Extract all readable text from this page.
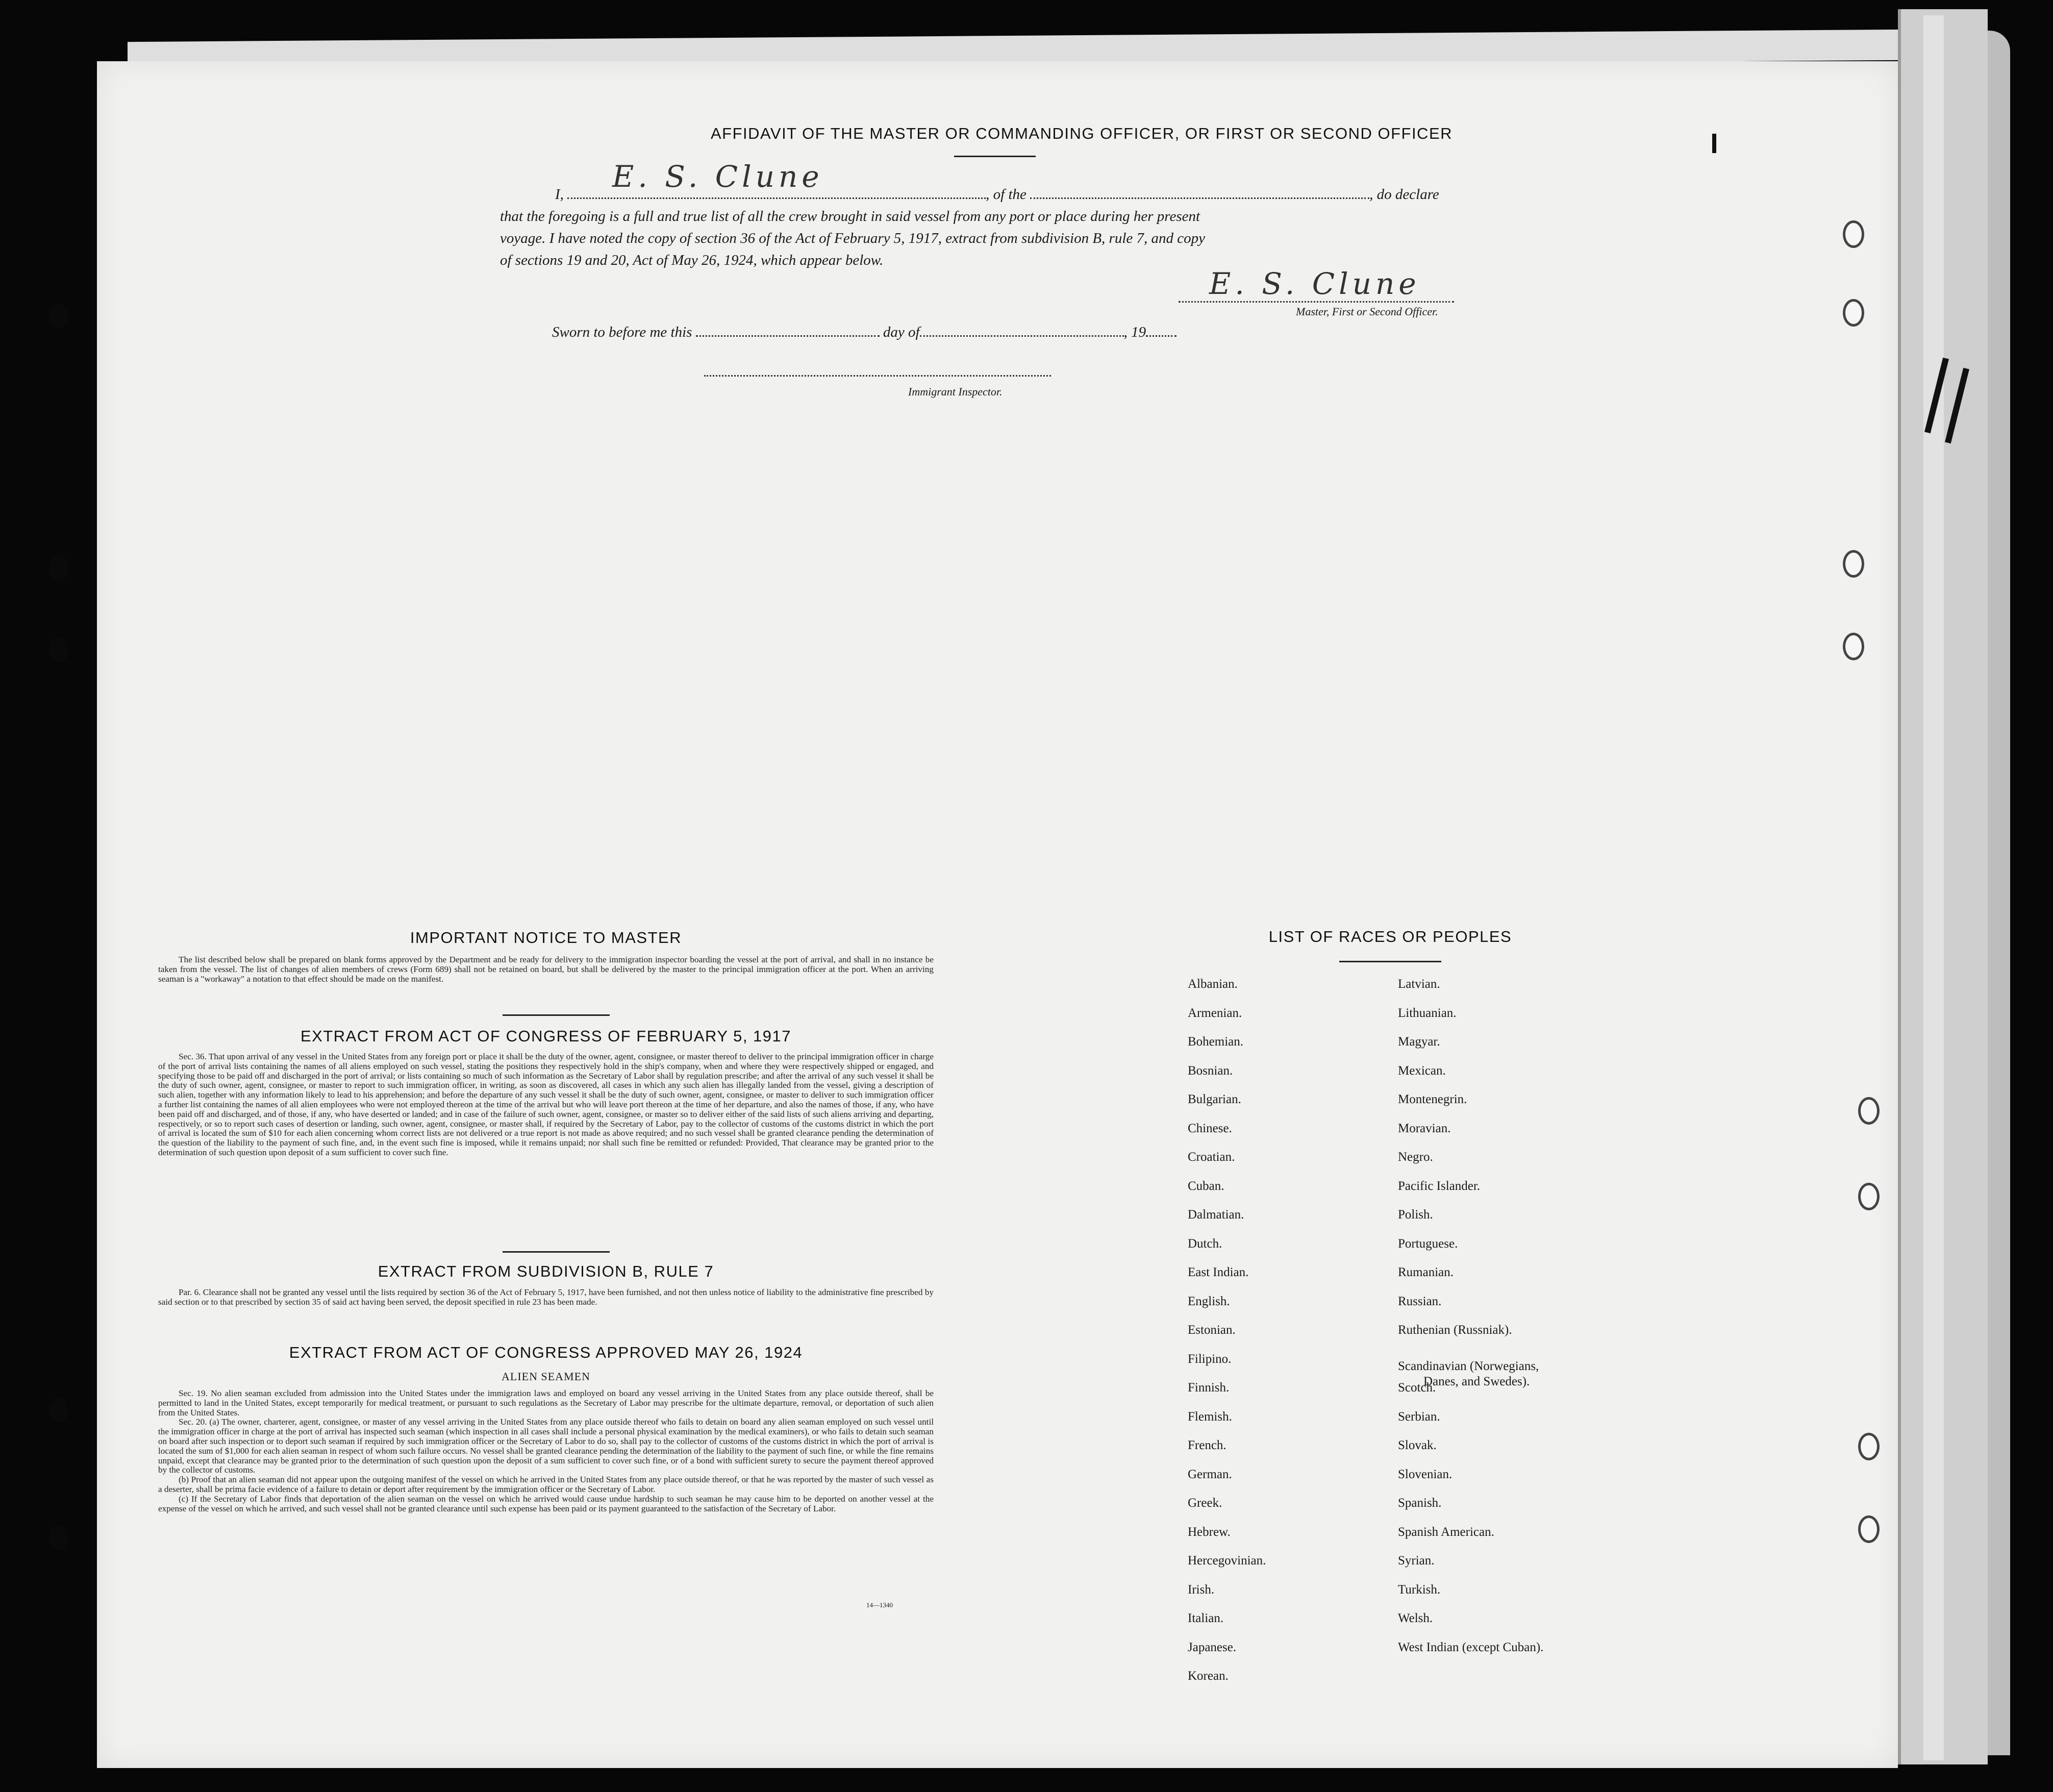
AFFIDAVIT OF THE MASTER OR COMMANDING OFFICER, OR FIRST OR SECOND OFFICER
I,	, of the	, do declare
E. S. Clune
that the foregoing is a full and true list of all the crew brought in said vessel from any port or place during her present
voyage. I have noted the copy of section 36 of the Act of February 5, 1917, extract from subdivision B, rule 7, and copy
of sections 19 and 20, Act of May 26, 1924, which appear below.
E. S. Clune
Master, First or Second Officer.
Sworn to before me this	day of	, 19
Immigrant Inspector.
IMPORTANT NOTICE TO MASTER

The list described below shall be prepared on blank forms approved by the Department and be ready for delivery to the immigration inspector boarding the vessel at the port of arrival, and shall in no instance be taken from the vessel. The list of changes of alien members of crews (Form 689) shall not be retained on board, but shall be delivered by the master to the principal immigration officer at the port. When an arriving seaman is a "workaway" a notation to that effect should be made on the manifest.

EXTRACT FROM ACT OF CONGRESS OF FEBRUARY 5, 1917

Sec. 36. That upon arrival of any vessel in the United States from any foreign port or place it shall be the duty of the owner, agent, consignee, or master thereof to deliver to the principal immigration officer in charge of the port of arrival lists containing the names of all aliens employed on such vessel, stating the positions they respectively hold in the ship's company, when and where they were respectively shipped or engaged, and specifying those to be paid off and discharged in the port of arrival; or lists containing so much of such information as the Secretary of Labor shall by regulation prescribe; and after the arrival of any such vessel it shall be the duty of such owner, agent, consignee, or master to report to such immigration officer, in writing, as soon as discovered, all cases in which any such alien has illegally landed from the vessel, giving a description of such alien, together with any information likely to lead to his apprehension; and before the departure of any such vessel it shall be the duty of such owner, agent, consignee, or master to deliver to such immigration officer a further list containing the names of all alien employees who were not employed thereon at the time of the arrival but who will leave port thereon at the time of her departure, and also the names of those, if any, who have been paid off and discharged, and of those, if any, who have deserted or landed; and in case of the failure of such owner, agent, consignee, or master so to deliver either of the said lists of such aliens arriving and departing, respectively, or so to report such cases of desertion or landing, such owner, agent, consignee, or master shall, if required by the Secretary of Labor, pay to the collector of customs of the customs district in which the port of arrival is located the sum of $10 for each alien concerning whom correct lists are not delivered or a true report is not made as above required; and no such vessel shall be granted clearance pending the determination of the question of the liability to the payment of such fine, and, in the event such fine is imposed, while it remains unpaid; nor shall such fine be remitted or refunded: Provided, That clearance may be granted prior to the determination of such question upon deposit of a sum sufficient to cover such fine.

EXTRACT FROM SUBDIVISION B, RULE 7

Par. 6. Clearance shall not be granted any vessel until the lists required by section 36 of the Act of February 5, 1917, have been furnished, and not then unless notice of liability to the administrative fine prescribed by said section or to that prescribed by section 35 of said act having been served, the deposit specified in rule 23 has been made.

EXTRACT FROM ACT OF CONGRESS APPROVED MAY 26, 1924
ALIEN SEAMEN

Sec. 19. No alien seaman excluded from admission into the United States under the immigration laws and employed on board any vessel arriving in the United States from any place outside thereof, shall be permitted to land in the United States, except temporarily for medical treatment, or pursuant to such regulations as the Secretary of Labor may prescribe for the ultimate departure, removal, or deportation of such alien from the United States.

Sec. 20. (a) The owner, charterer, agent, consignee, or master of any vessel arriving in the United States from any place outside thereof who fails to detain on board any alien seaman employed on such vessel until the immigration officer in charge at the port of arrival has inspected such seaman (which inspection in all cases shall include a personal physical examination by the medical examiners), or who fails to detain such seaman on board after such inspection or to deport such seaman if required by such immigration officer or the Secretary of Labor to do so, shall pay to the collector of customs of the customs district in which the port of arrival is located the sum of $1,000 for each alien seaman in respect of whom such failure occurs. No vessel shall be granted clearance pending the determination of the liability to the payment of such fine, or while the fine remains unpaid, except that clearance may be granted prior to the determination of such question upon the deposit of a sum sufficient to cover such fine, or of a bond with sufficient surety to secure the payment thereof approved by the collector of customs.

(b) Proof that an alien seaman did not appear upon the outgoing manifest of the vessel on which he arrived in the United States from any place outside thereof, or that he was reported by the master of such vessel as a deserter, shall be prima facie evidence of a failure to detain or deport after requirement by the immigration officer or the Secretary of Labor.

(c) If the Secretary of Labor finds that deportation of the alien seaman on the vessel on which he arrived would cause undue hardship to such seaman he may cause him to be deported on another vessel at the expense of the vessel on which he arrived, and such vessel shall not be granted clearance until such expense has been paid or its payment guaranteed to the satisfaction of the Secretary of Labor.

14—1340
LIST OF RACES OR PEOPLES
Albanian.
Armenian.
Bohemian.
Bosnian.
Bulgarian.
Chinese.
Croatian.
Cuban.
Dalmatian.
Dutch.
East Indian.
English.
Estonian.
Filipino.
Finnish.
Flemish.
French.
German.
Greek.
Hebrew.
Hercegovinian.
Irish.
Italian.
Japanese.
Korean.
Latvian.
Lithuanian.
Magyar.
Mexican.
Montenegrin.
Moravian.
Negro.
Pacific Islander.
Polish.
Portuguese.
Rumanian.
Russian.
Ruthenian (Russniak).
Scandinavian (Norwegians,
Danes, and Swedes).
Scotch.
Serbian.
Slovak.
Slovenian.
Spanish.
Spanish American.
Syrian.
Turkish.
Welsh.
West Indian (except Cuban).
